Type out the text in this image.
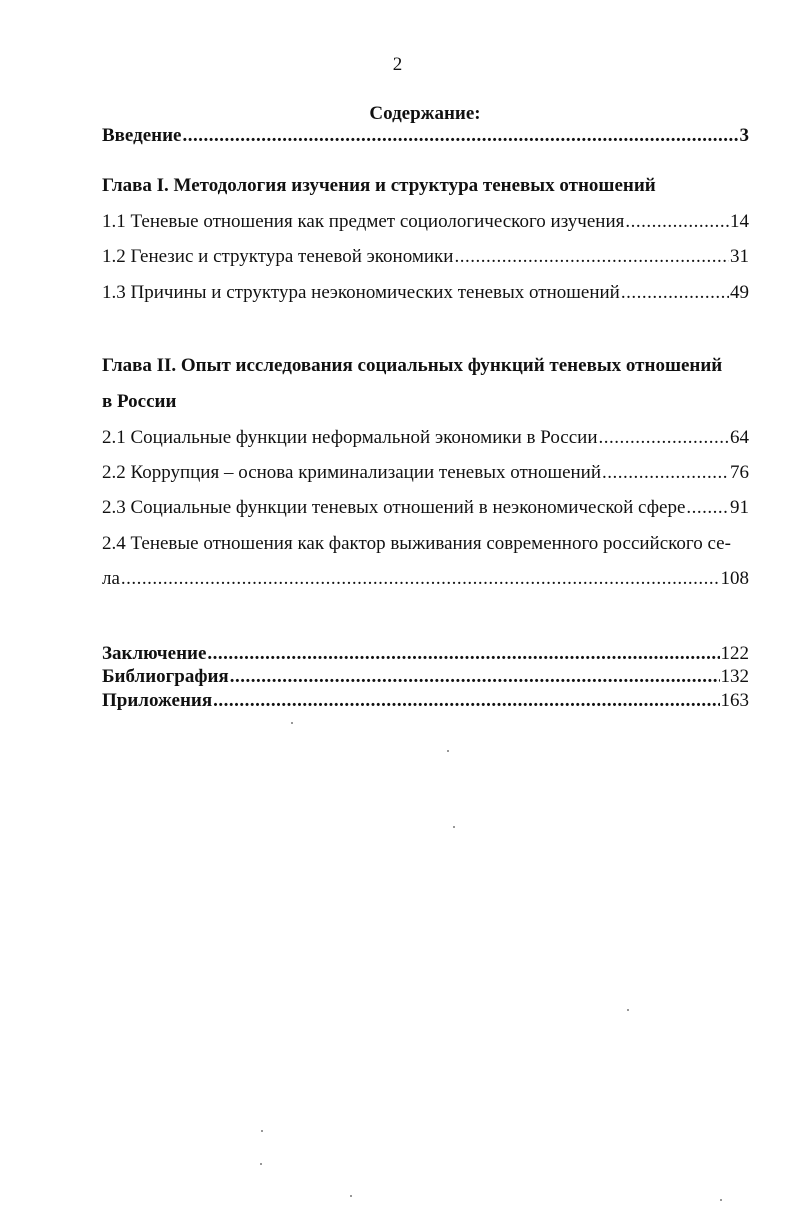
2
Содержание:
Введение .....	3
Глава I. Методология изучения и структура теневых отношений
1.1 Теневые отношения как предмет социологического изучения .....	14
1.2 Генезис и структура теневой экономики .....	31
1.3 Причины и структура неэкономических теневых отношений .....	49
Глава II. Опыт исследования социальных функций теневых отношений
в России
2.1 Социальные функции неформальной экономики в России .....	64
2.2 Коррупция – основа криминализации теневых отношений .....	76
2.3 Социальные функции теневых отношений в неэкономической сфере ..... 91
2.4 Теневые отношения как фактор выживания современного российского се-
ла .....	108
Заключение .....	122
Библиография .....	132
Приложения .....	163
